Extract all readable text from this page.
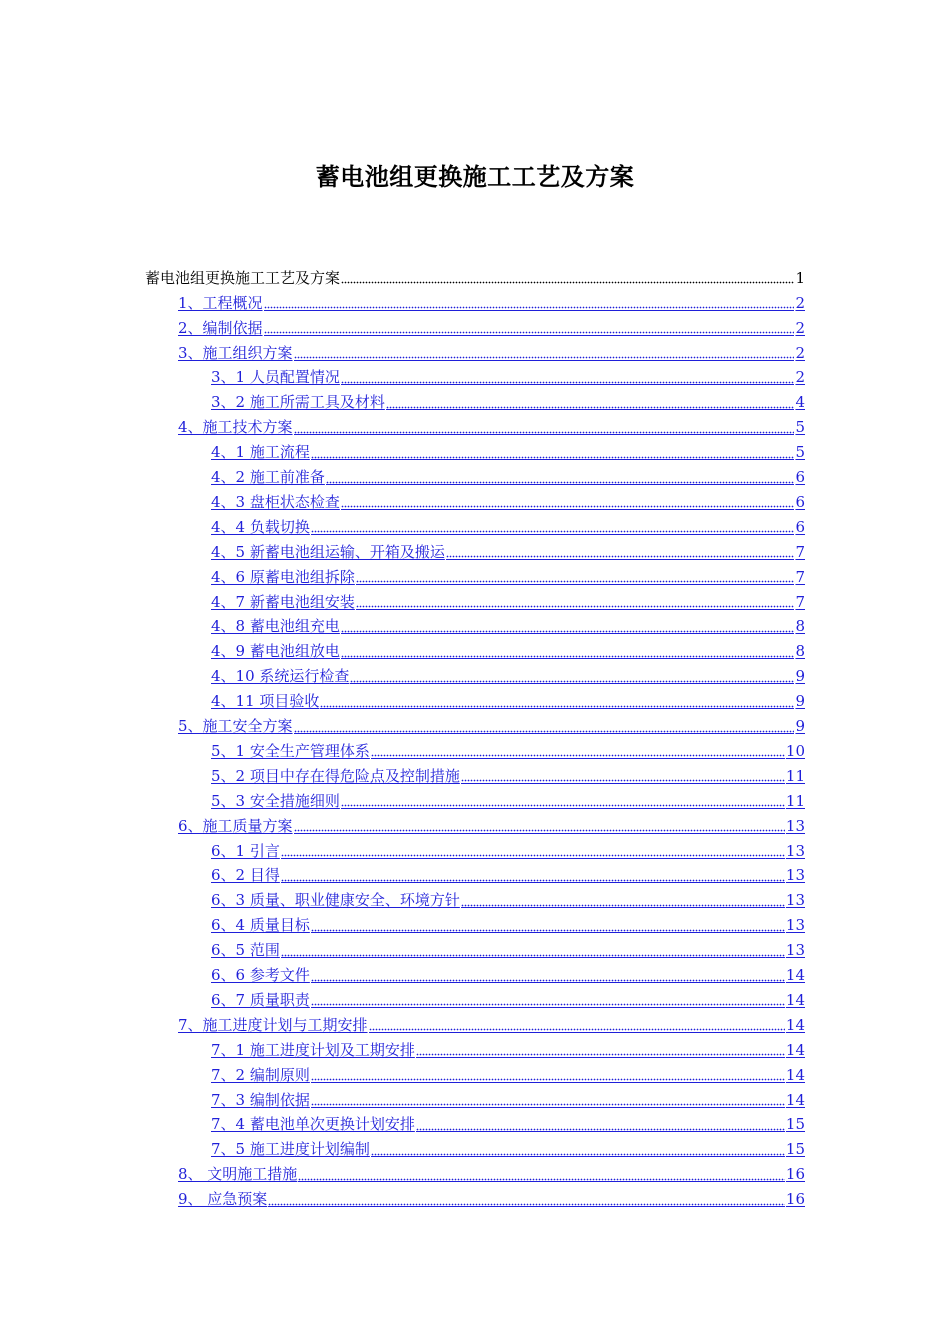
蓄电池组更换施工工艺及方案
蓄电池组更换施工工艺及方案	1
1、工程概况	2
2、编制依据	2
3、施工组织方案	2
3、1 人员配置情况	2
3、2 施工所需工具及材料	4
4、施工技术方案	5
4、1 施工流程	5
4、2 施工前准备	6
4、3 盘柜状态检查	6
4、4 负载切换	6
4、5 新蓄电池组运输、开箱及搬运	7
4、6 原蓄电池组拆除	7
4、7 新蓄电池组安装	7
4、8 蓄电池组充电	8
4、9 蓄电池组放电	8
4、10 系统运行检查	9
4、11 项目验收	9
5、施工安全方案	9
5、1 安全生产管理体系	10
5、2 项目中存在得危险点及控制措施	11
5、3 安全措施细则	11
6、施工质量方案	13
6、1 引言	13
6、2 目得	13
6、3 质量、职业健康安全、环境方针	13
6、4 质量目标	13
6、5 范围	13
6、6 参考文件	14
6、7 质量职责	14
7、施工进度计划与工期安排	14
7、1 施工进度计划及工期安排	14
7、2 编制原则	14
7、3 编制依据	14
7、4 蓄电池单次更换计划安排	15
7、5 施工进度计划编制	15
8、 文明施工措施	16
9、 应急预案	16
